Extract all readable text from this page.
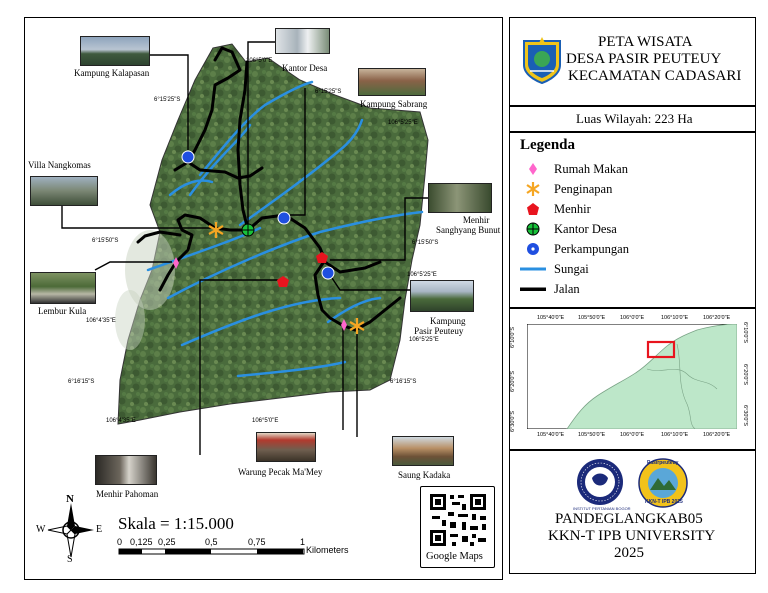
Kampung Kalapasan	Kantor Desa
Kampung Sabrang
Villa Nangkomas
Menhir
Sanghyang Bunut
Lembur Kula
Kampung
Pasir Peuteuy
Warung Pecak Ma'Mey	Saung Kadaka
Menhir Pahoman
106°5'0"E
6°15'25"S
6°15'25"S
106°5'25"E
6°15'50"S	6°15'50"S
106°5'25"E
106°4'35"E
106°5'25"E
6°16'15"S	6°16'15"S
106°4'35"E	106°5'0"E
N
S
E
W	Skala = 1:15.000
0 0,125 0,25	0,5	0,75	1
Kilometers
Google Maps
PETA WISATA
DESA PASIR PEUTEUY
KECAMATAN CADASARI
Luas Wilayah: 223 Ha
Legenda
Rumah Makan
Penginapan
Menhir
Kantor Desa
Perkampungan
Sungai
Jalan
105°40'0"E	105°50'0"E	106°0'0"E	106°10'0"E	106°20'0"E
105°40'0"E	105°50'0"E	106°0'0"E	106°10'0"E	106°20'0"E
6°10'0"S
6°20'0"S
6°30'0"S
6°10'0"S
6°20'0"S
6°30'0"S
Pasirpeuteuy
KKN-T IPB 2025
INSTITUT PERTANIAN BOGOR
PANDEGLANGKAB05
KKN-T IPB UNIVERSITY
2025
